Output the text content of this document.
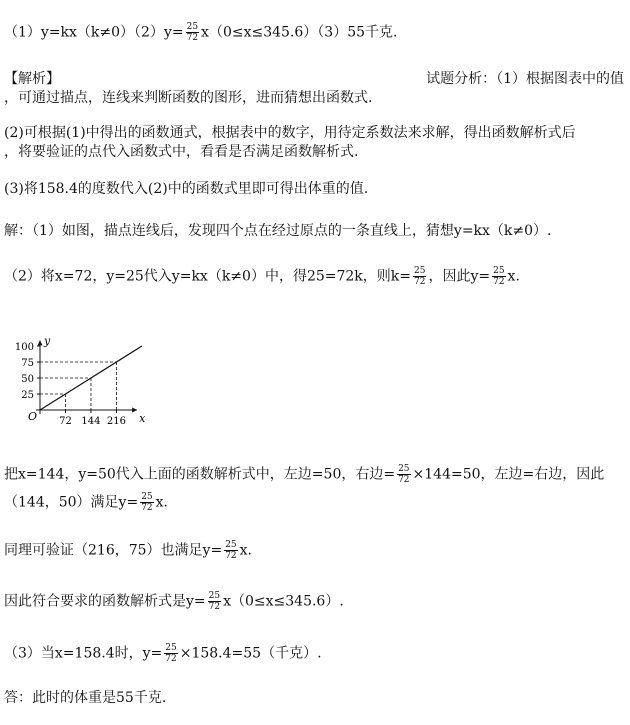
$(1)y=kx(k\ne 0)(2)y= \frac{25}{72} x(0\le x\le 345.6)(3)55$千克.
【解析】	试题分析：（1）根据图表中的值
，可通过描点，连线来判断函数的图形，进而猜想出函数式.
(2)可根据(1)中得出的函数通式，根据表中的数字，用待定系数法来求解，得出函数解析式后
，将要验证的点代入函数式中，看看是否满足函数解析式.
(3)将158.4的度数代入(2)中的函数式里即可得出体重的值.
解：（1）如图，描点连线后，发现四个点在经过原点的一条直线上，猜想y=kx（k≠0）.
（2）将x=72，y=25代入y=kx（k≠0）中，得25=72k，则$k= \frac{25}{72}$ ，因此$y= \frac{25}{72} x$.
x
y
O
25
50
75
100
72 144 216
把x=144，y=50代入上面的函数解析式中，左边=50，右边= $\frac{25}{72} \times 144=50$，左边=右边，因此
（144，50）满足$y= \frac{25}{72} x$.
同理可验证（216，75）也满足$y= \frac{25}{72} x$.
因此符合要求的函数解析式是$y= \frac{25}{72} x(0\le x\le 345.6)$.
（3）当x=158.4时，$y= \frac{25}{72} \times 158.4=55$（千克）.
答：此时的体重是55千克.
